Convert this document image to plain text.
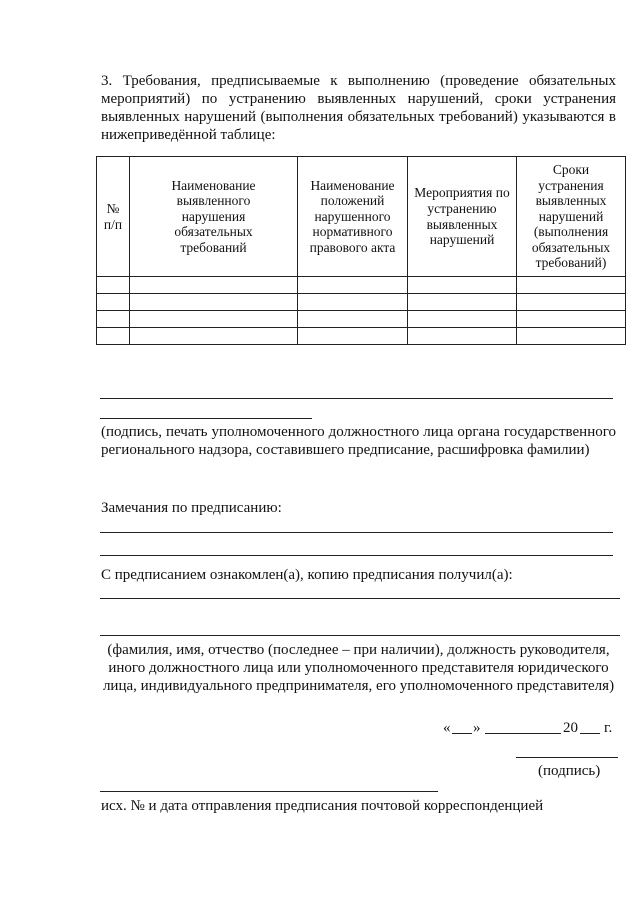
3. Требования, предписываемые к выполнению (проведение обязательных мероприятий) по устранению выявленных нарушений, сроки устранения выявленных нарушений (выполнения обязательных требований) указываются в нижеприведённой таблице:

№ п/п	Наименование выявленного нарушения обязательных требований	Наименование положений нарушенного нормативного правового акта	Мероприятия по устранению выявленных нарушений	Сроки устранения выявленных нарушений (выполнения обязательных требований)

(подпись, печать уполномоченного должностного лица органа государственного регионального надзора, составившего предписание, расшифровка фамилии)

Замечания по предписанию:

С предписанием ознакомлен(а), копию предписания получил(а):

(фамилия, имя, отчество (последнее – при наличии), должность руководителя, иного должностного лица или уполномоченного представителя юридического лица, индивидуального предпринимателя, его уполномоченного представителя)

« »	20 г.

(подпись)

исх. № и дата отправления предписания почтовой корреспонденцией
